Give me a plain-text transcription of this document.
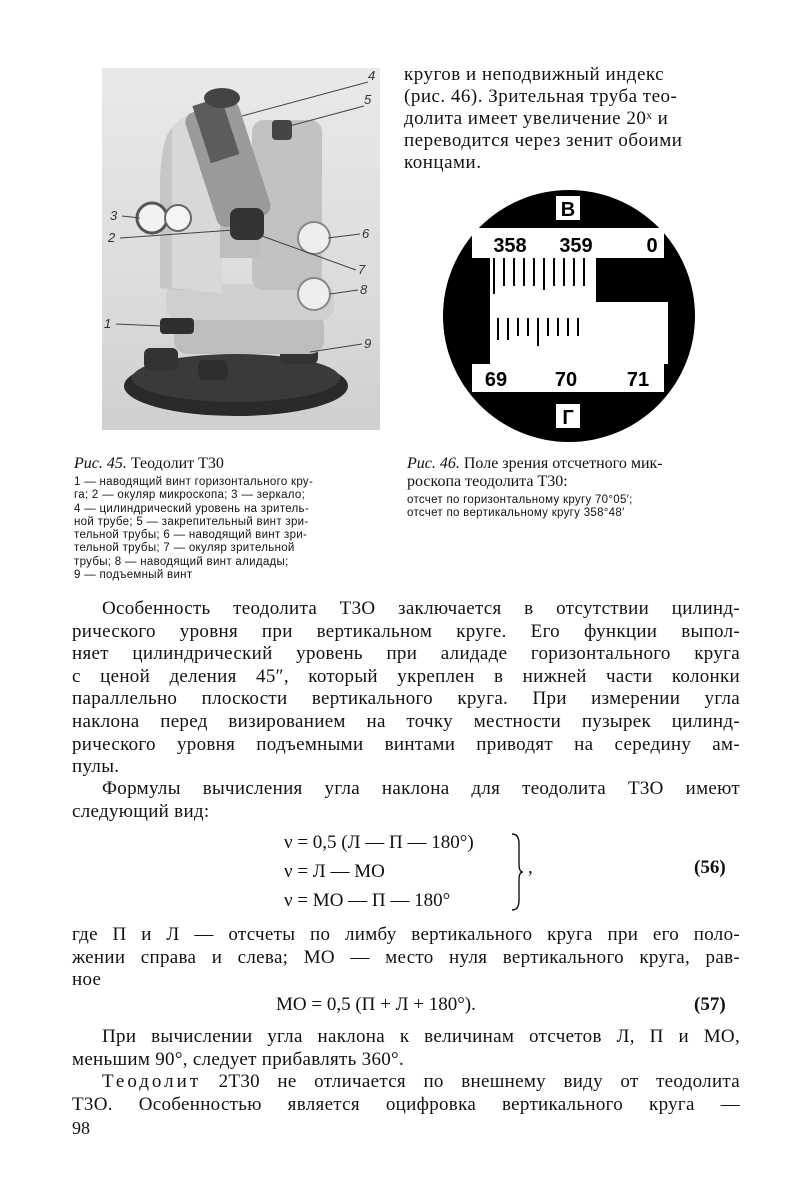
4
5
3
2	6
7
8
1
9
кругов и неподвижный индекс
(рис. 46). Зрительная труба тео-
долита имеет увеличение 20ˣ и
переводится через зенит обоими
концами.
В
358 359	0
69 70 71
Г
Рис. 45. Теодолит Т30
1 — наводящий винт горизонтального кру-
га; 2 — окуляр микроскопа; 3 — зеркало;
4 — цилиндрический уровень на зритель-
ной трубе; 5 — закрепительный винт зри-
тельной трубы; 6 — наводящий винт зри-
тельной трубы; 7 — окуляр зрительной
трубы; 8 — наводящий винт алидады;
9 — подъемный винт
Рис. 46. Поле зрения отсчетного мик-
роскопа теодолита Т30:
отсчет по горизонтальному кругу 70°05′;
отсчет по вертикальному кругу 358°48′
Особенность теодолита Т3О заключается в отсутствии цилинд-
рического уровня при вертикальном круге. Его функции выпол-
няет цилиндрический уровень при алидаде горизонтального круга
с ценой деления 45″, который укреплен в нижней части колонки
параллельно плоскости вертикального круга. При измерении угла
наклона перед визированием на точку местности пузырек цилинд-
рического уровня подъемными винтами приводят на середину ам-
пулы.
Формулы вычисления угла наклона для теодолита Т3О имеют
следующий вид:
ν = 0,5 (Л — П — 180°)
ν = Л — МО
ν = МО — П — 180°
,	(56)
где П и Л — отсчеты по лимбу вертикального круга при его поло-
жении справа и слева; МО — место нуля вертикального круга, рав-
ное
МО = 0,5 (П + Л + 180°).	(57)
При вычислении угла наклона к величинам отсчетов Л, П и МО,
меньшим 90°, следует прибавлять 360°.
Теодолит 2Т30 не отличается по внешнему виду от теодолита
Т3О. Особенностью является оцифровка вертикального круга —
98
